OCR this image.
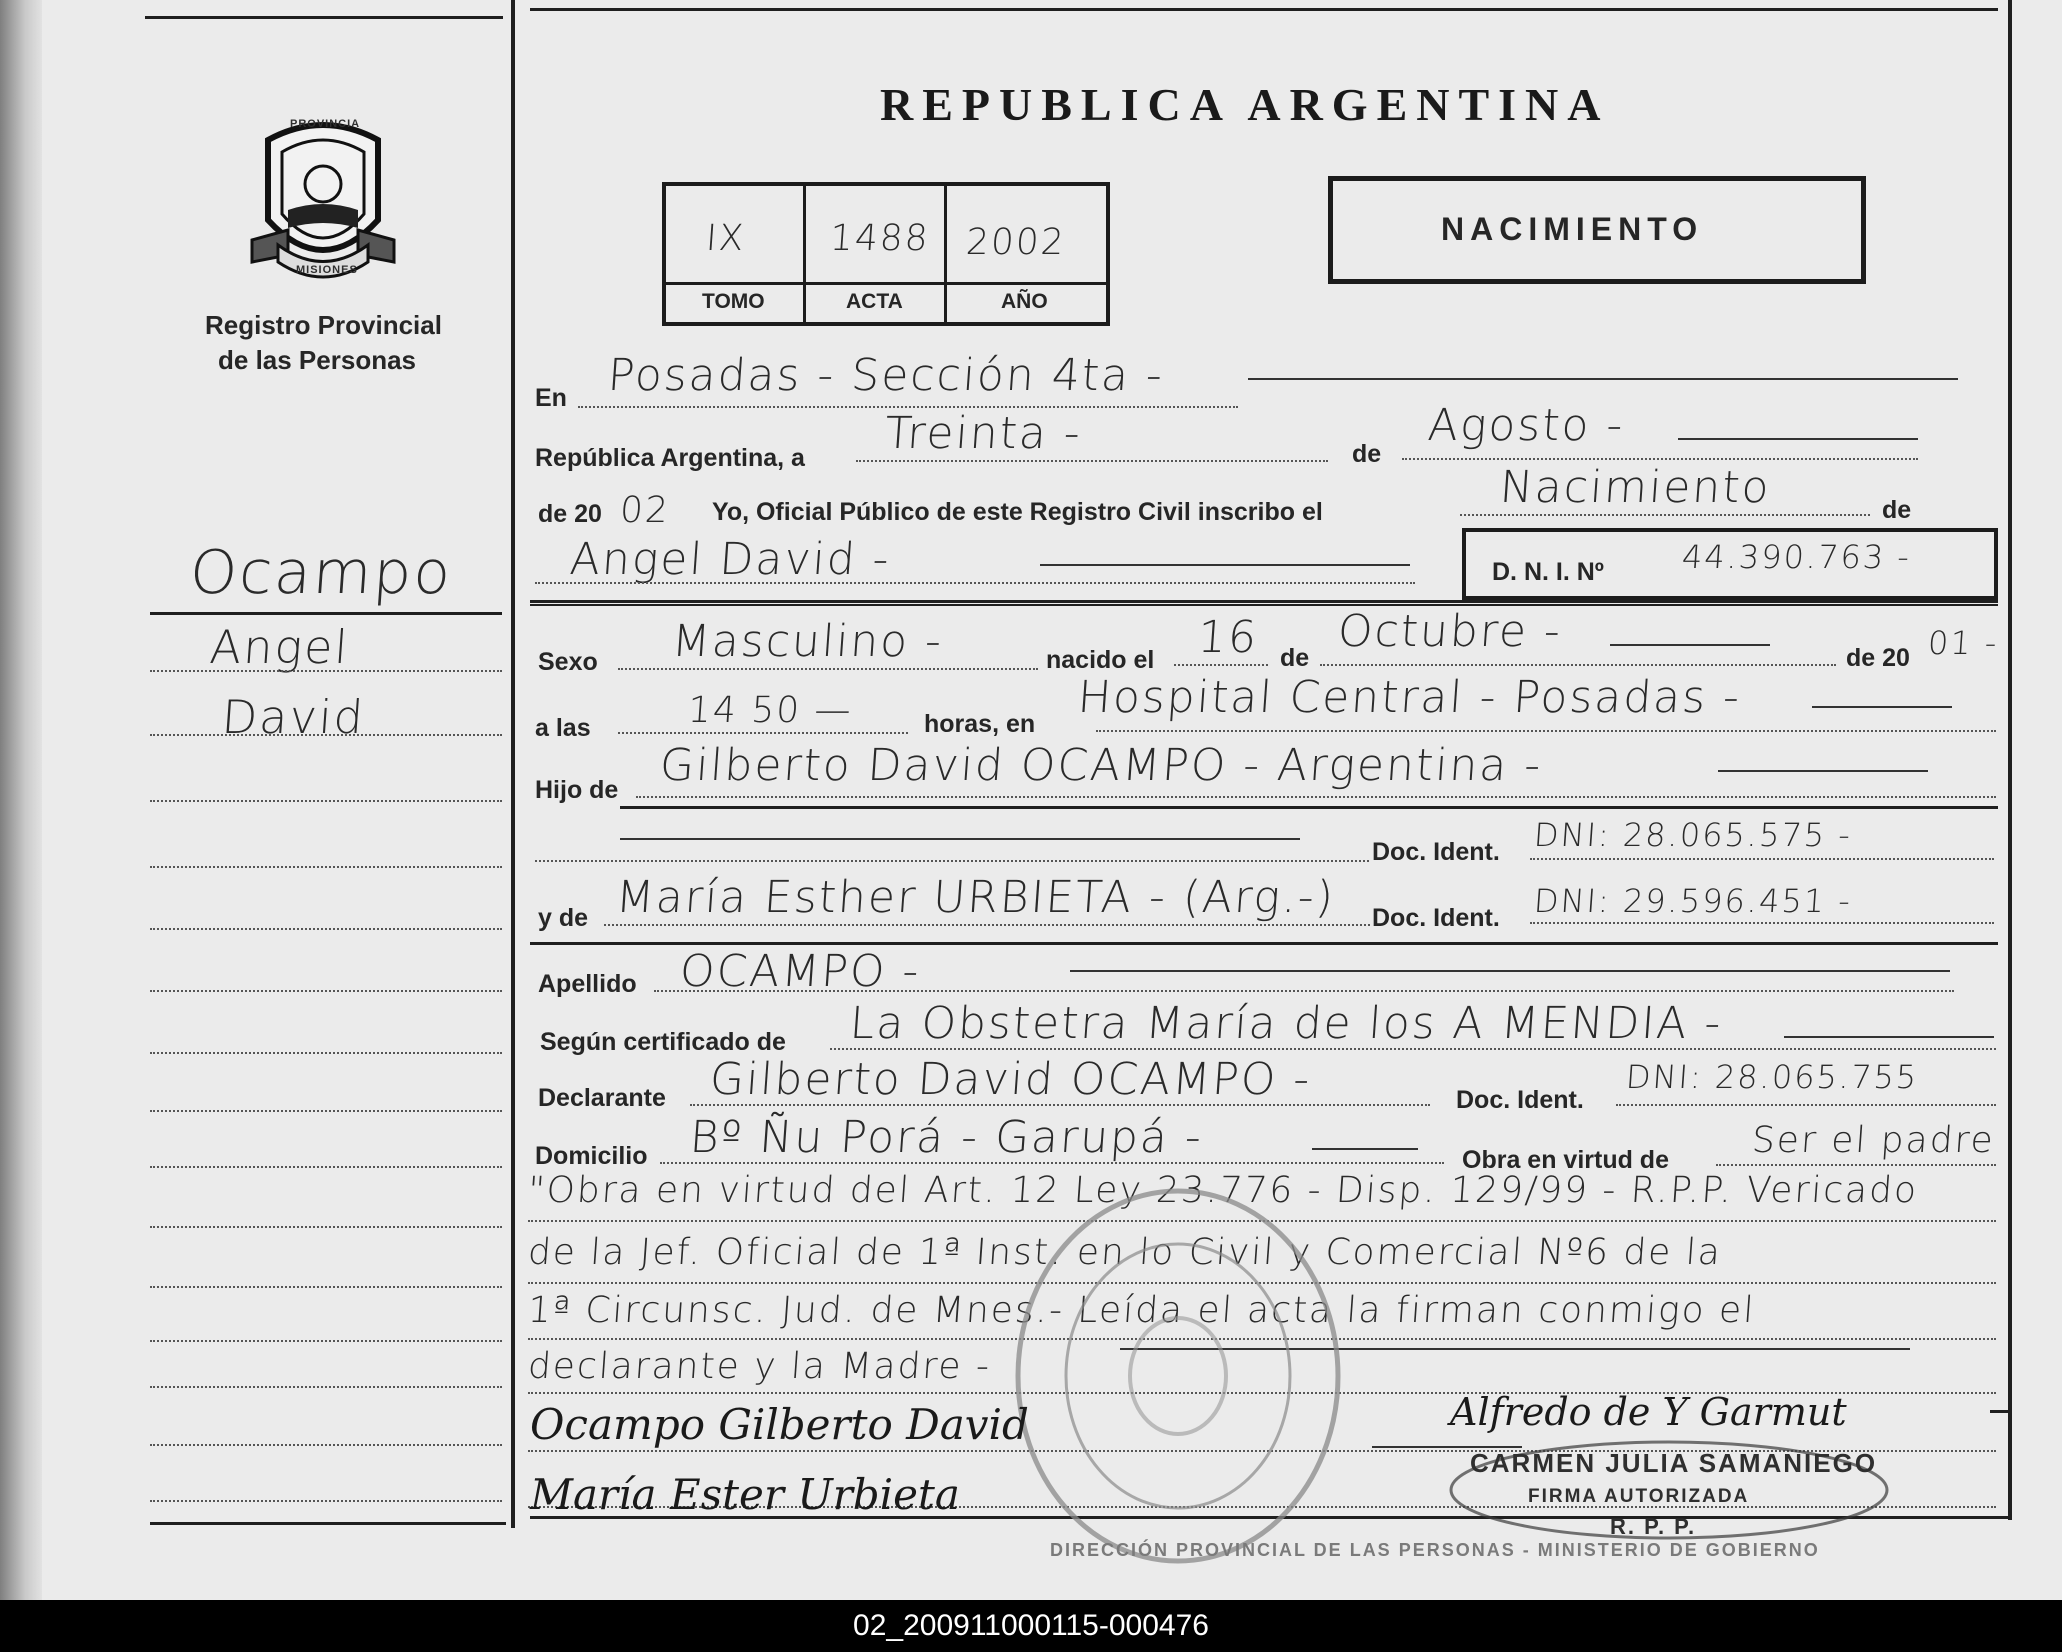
PROVINCIA
MISIONES
Registro Provincial
de las Personas
Ocampo
Angel
David
REPUBLICA ARGENTINA
IX 1488 2002
TOMO	ACTA	AÑO
NACIMIENTO
En Posadas - Sección 4ta -
República Argentina, a Treinta -	de
Agosto -
de 20 02 Yo, Oficial Público de este Registro Civil inscribo el	Nacimiento	de
Angel David -	D. N. I. Nº 44.390.763 -
Sexo Masculino -	nacido el 16 de
Octubre -
de 20 01 -
a las	14 50 —	horas, en
Hospital Central - Posadas -
Hijo de Gilberto David OCAMPO - Argentina -
Doc. Ident. DNI: 28.065.575 -
y de María Esther URBIETA - (Arg.-) Doc. Ident. DNI: 29.596.451 -
Apellido OCAMPO -
Según certificado de La Obstetra María de los A MENDIA -
Declarante Gilberto David OCAMPO -	Doc. Ident.
DNI: 28.065.755
Domicilio Bº Ñu Porá - Garupá -	Obra en virtud de Ser el padre
"Obra en virtud del Art. 12 Ley 23.776 - Disp. 129/99 - R.P.P. Vericado
de la Jef. Oficial de 1ª Inst. en lo Civil y Comercial Nº6 de la
1ª Circunsc. Jud. de Mnes.- Leída el acta la firman conmigo el
declarante y la Madre -
DIRECCIÓN PROVINCIAL DE LAS PERSONAS - MINISTERIO DE GOBIERNO
Ocampo Gilberto David
María Ester Urbieta
Alfredo de Y Garmut
CARMEN JULIA SAMANIEGO
FIRMA AUTORIZADA
R. P. P.
02_200911000115-000476
